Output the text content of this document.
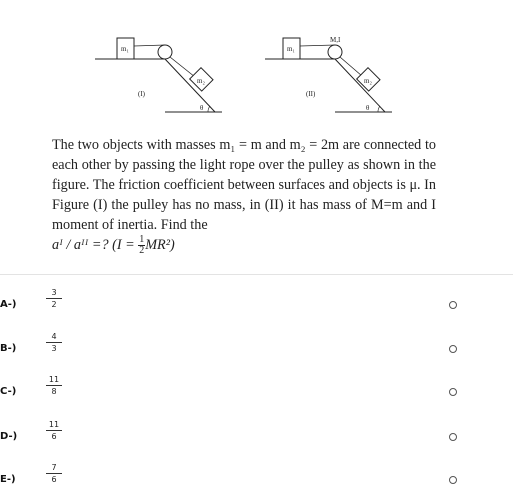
m₁
m₂
(I)
θ
m₁
M,I
m₂
(II)
θ
The two objects with masses m₁ = m and m₂ = 2m are connected to each other by passing the light rope over the pulley as shown in the figure. The friction coefficient between surfaces and objects is μ. In Figure (I) the pulley has no mass, in (II) it has mass of M=m and I moment of inertia. Find the
aᴵ / aᴵᴵ =? $(I = \frac{1}{2} MR^2)$
A-)	$\frac{3}{2}$
B-)	$\frac{4}{3}$
C-)	$\frac{11}{8}$
D-)	$\frac{11}{6}$
E-)	$\frac{7}{6}$
